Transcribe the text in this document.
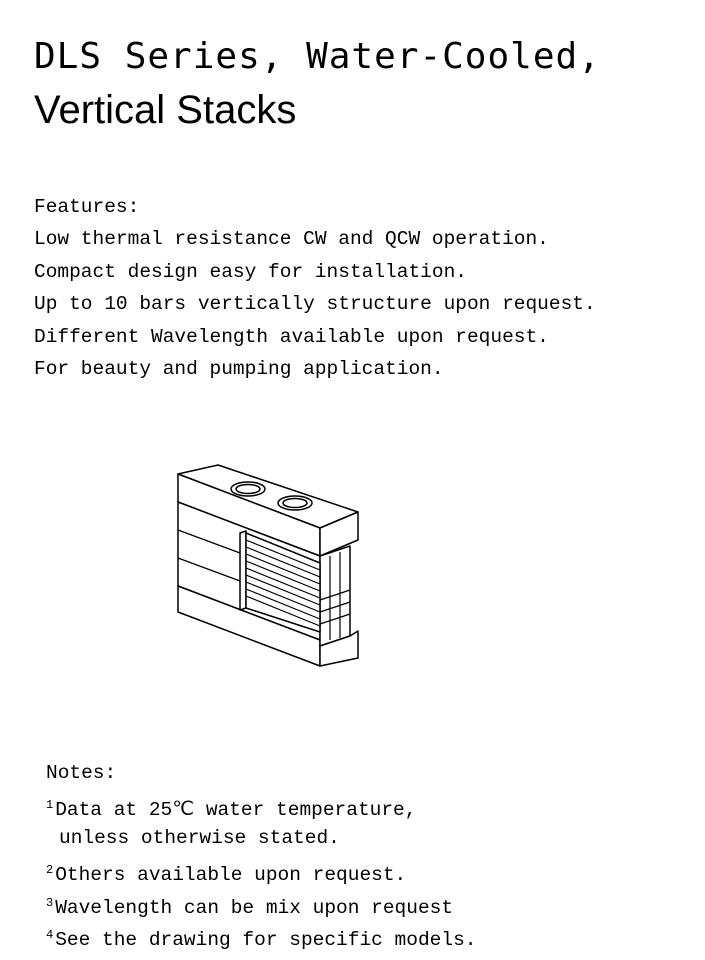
DLS Series, Water-Cooled,
Vertical Stacks
Features:
Low thermal resistance CW and QCW operation.
Compact design easy for installation.
Up to 10 bars vertically structure upon request.
Different Wavelength available upon request.
For beauty and pumping application.
Notes:
$^1$ Data at 25℃ water temperature,
unless otherwise stated.
$^2$ Others available upon request.
$^3$ Wavelength can be mix upon request
$^4$ See the drawing for specific models.
